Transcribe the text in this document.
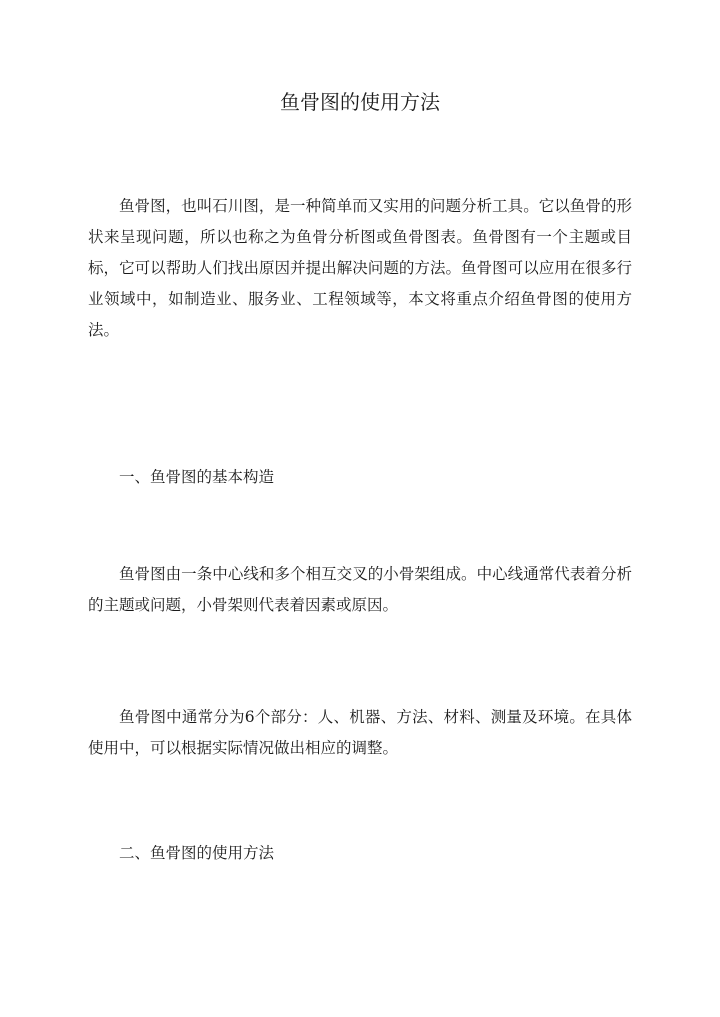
鱼骨图的使用方法

鱼骨图，也叫石川图，是一种简单而又实用的问题分析工具。它以鱼骨的形状来呈现问题，所以也称之为鱼骨分析图或鱼骨图表。鱼骨图有一个主题或目标，它可以帮助人们找出原因并提出解决问题的方法。鱼骨图可以应用在很多行业领域中，如制造业、服务业、工程领域等，本文将重点介绍鱼骨图的使用方法。

一、鱼骨图的基本构造

鱼骨图由一条中心线和多个相互交叉的小骨架组成。中心线通常代表着分析的主题或问题，小骨架则代表着因素或原因。

鱼骨图中通常分为6个部分：人、机器、方法、材料、测量及环境。在具体使用中，可以根据实际情况做出相应的调整。

二、鱼骨图的使用方法
